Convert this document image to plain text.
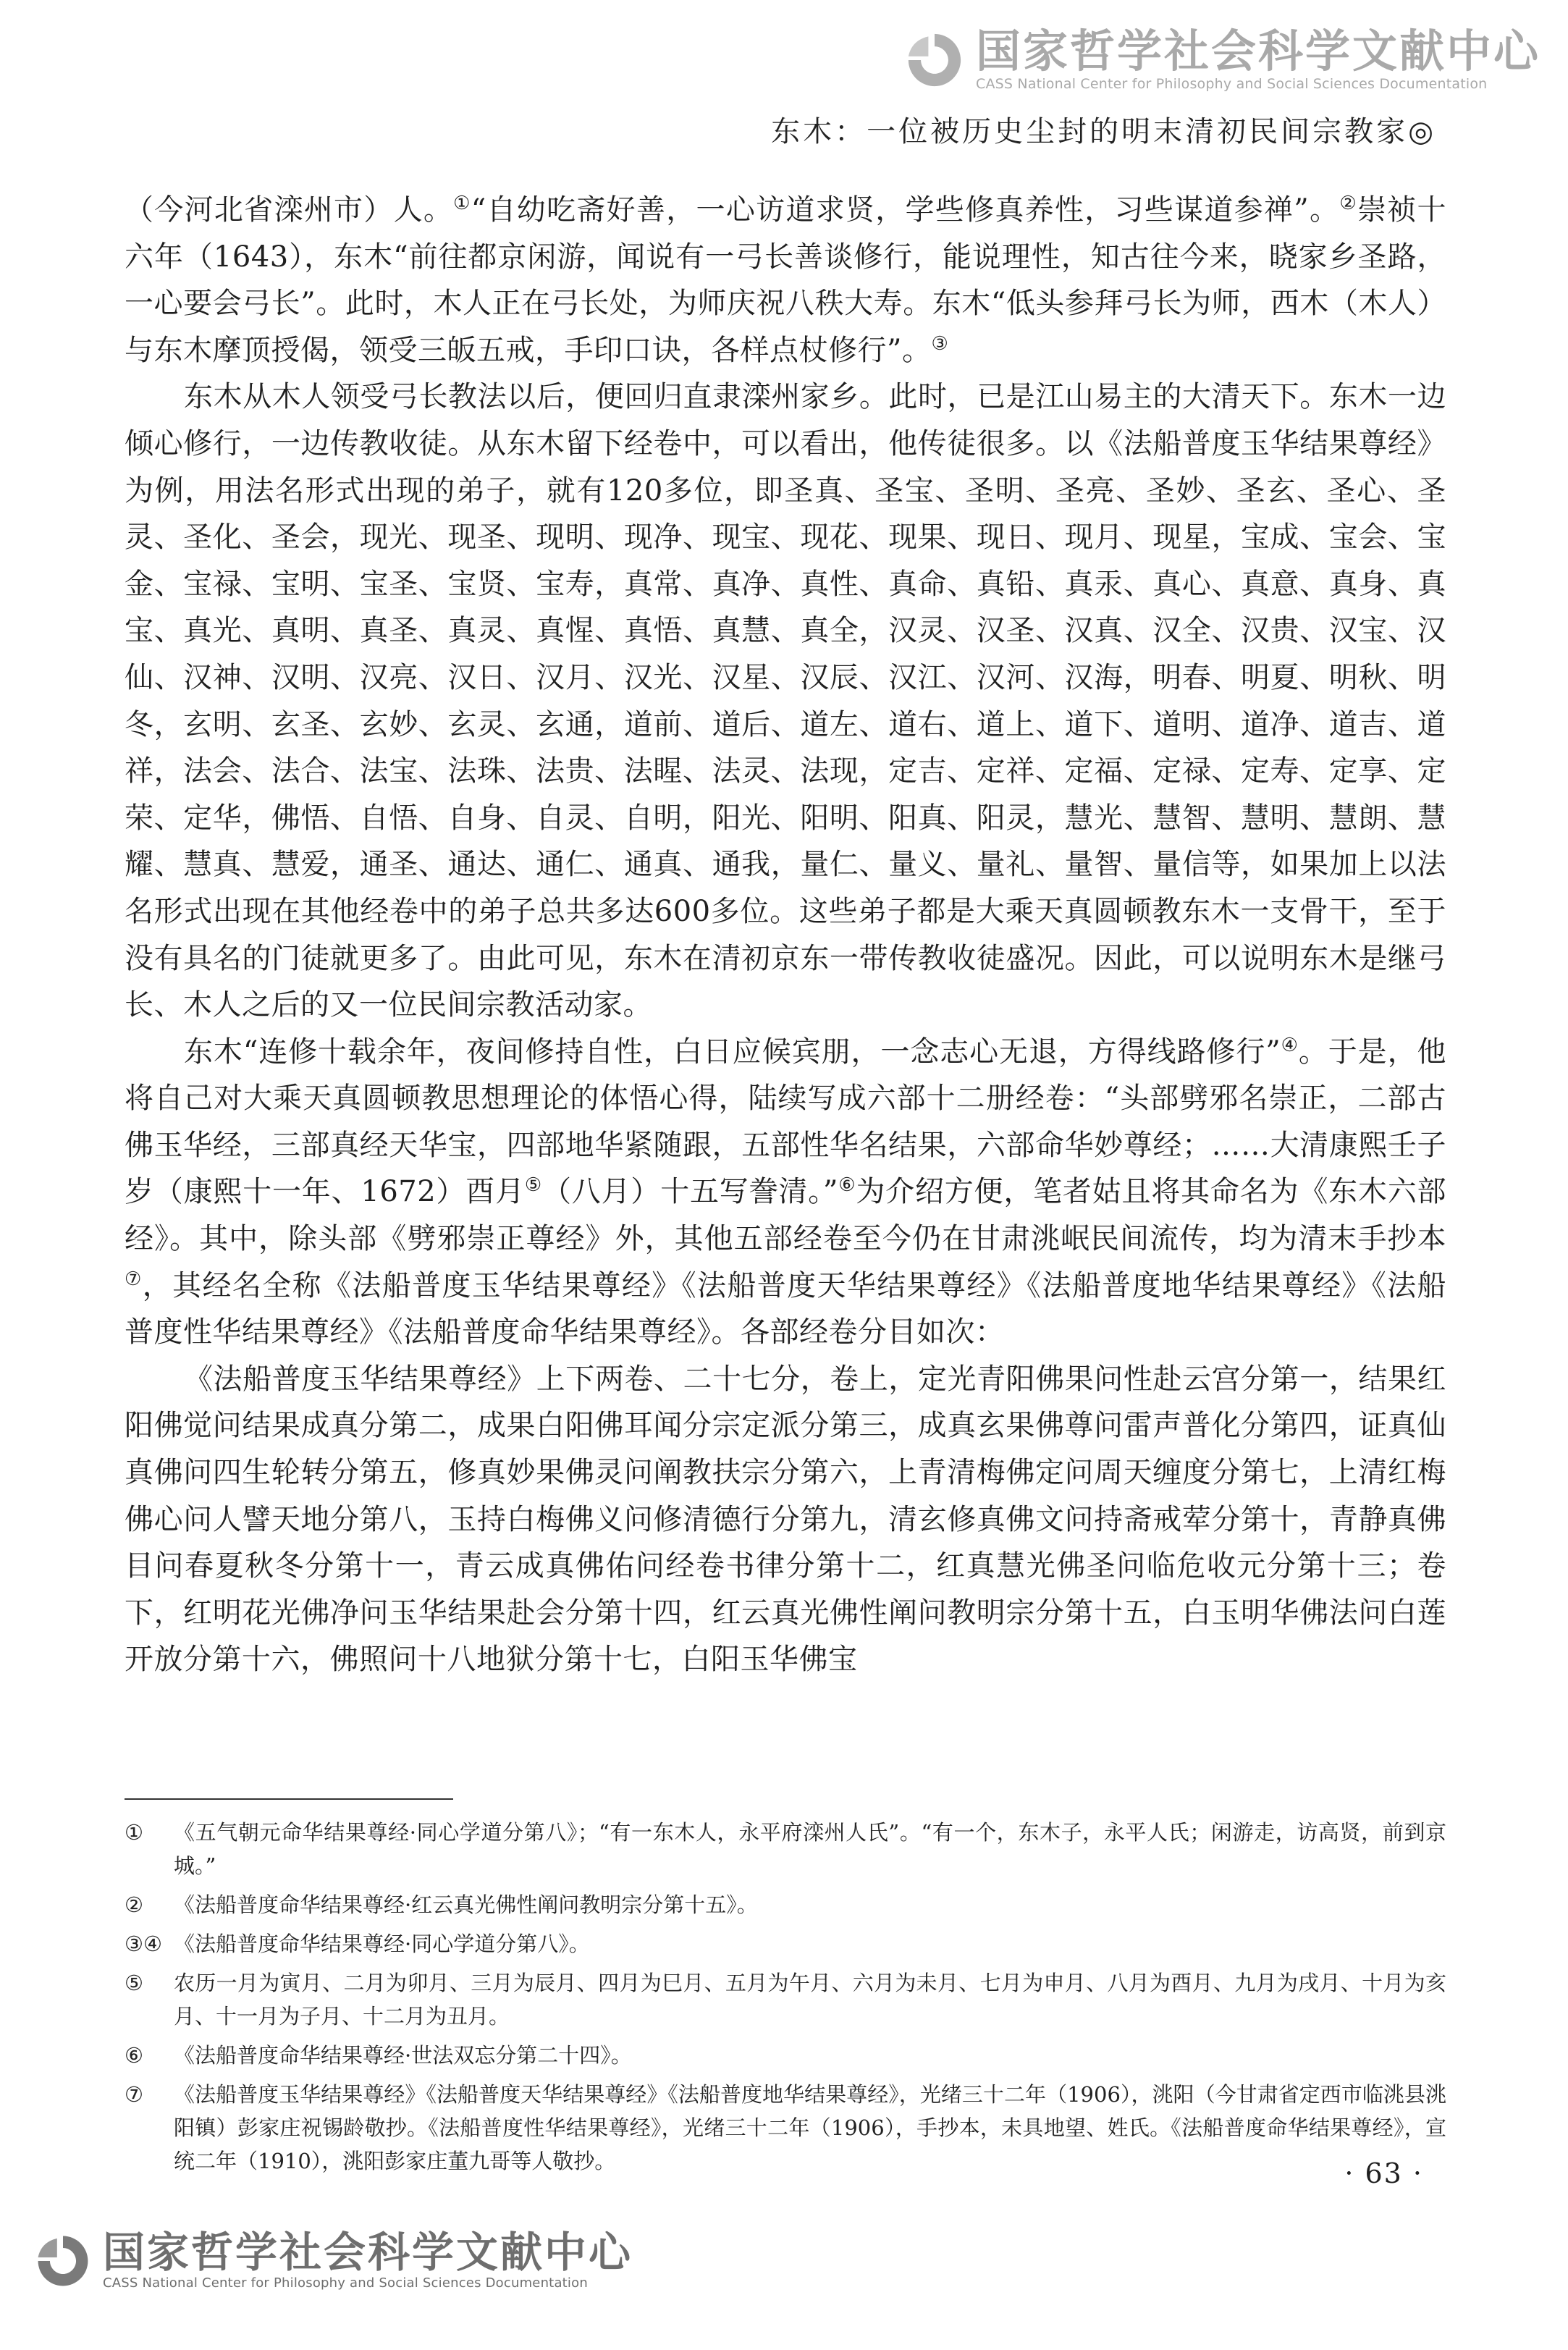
国家哲学社会科学文献中心
CASS National Center for Philosophy and Social Sciences Documentation
东木：一位被历史尘封的明末清初民间宗教家◎

（今河北省滦州市）人。①“自幼吃斋好善，一心访道求贤，学些修真养性，习些谋道参禅”。②崇祯十六年（1643），东木“前往都京闲游，闻说有一弓长善谈修行，能说理性，知古往今来，晓家乡圣路，一心要会弓长”。此时，木人正在弓长处，为师庆祝八秩大寿。东木“低头参拜弓长为师，西木（木人）与东木摩顶授偈，领受三皈五戒，手印口诀，各样点杖修行”。③

东木从木人领受弓长教法以后，便回归直隶滦州家乡。此时，已是江山易主的大清天下。东木一边倾心修行，一边传教收徒。从东木留下经卷中，可以看出，他传徒很多。以《法船普度玉华结果尊经》为例，用法名形式出现的弟子，就有120多位，即圣真、圣宝、圣明、圣亮、圣妙、圣玄、圣心、圣灵、圣化、圣会，现光、现圣、现明、现净、现宝、现花、现果、现日、现月、现星，宝成、宝会、宝金、宝禄、宝明、宝圣、宝贤、宝寿，真常、真净、真性、真命、真铅、真汞、真心、真意、真身、真宝、真光、真明、真圣、真灵、真惺、真悟、真慧、真全，汉灵、汉圣、汉真、汉全、汉贵、汉宝、汉仙、汉神、汉明、汉亮、汉日、汉月、汉光、汉星、汉辰、汉江、汉河、汉海，明春、明夏、明秋、明冬，玄明、玄圣、玄妙、玄灵、玄通，道前、道后、道左、道右、道上、道下、道明、道净、道吉、道祥，法会、法合、法宝、法珠、法贵、法睲、法灵、法现，定吉、定祥、定福、定禄、定寿、定享、定荣、定华，佛悟、自悟、自身、自灵、自明，阳光、阳明、阳真、阳灵，慧光、慧智、慧明、慧朗、慧耀、慧真、慧爱，通圣、通达、通仁、通真、通我，量仁、量义、量礼、量智、量信等，如果加上以法名形式出现在其他经卷中的弟子总共多达600多位。这些弟子都是大乘天真圆顿教东木一支骨干，至于没有具名的门徒就更多了。由此可见，东木在清初京东一带传教收徒盛况。因此，可以说明东木是继弓长、木人之后的又一位民间宗教活动家。

东木“连修十载余年，夜间修持自性，白日应候宾朋，一念志心无退，方得线路修行”④。于是，他将自己对大乘天真圆顿教思想理论的体悟心得，陆续写成六部十二册经卷：“头部劈邪名崇正，二部古佛玉华经，三部真经天华宝，四部地华紧随跟，五部性华名结果，六部命华妙尊经；……大清康熙壬子岁（康熙十一年、1672）酉月⑤（八月）十五写誊清。”⑥为介绍方便，笔者姑且将其命名为《东木六部经》。其中，除头部《劈邪崇正尊经》外，其他五部经卷至今仍在甘肃洮岷民间流传，均为清末手抄本⑦，其经名全称《法船普度玉华结果尊经》《法船普度天华结果尊经》《法船普度地华结果尊经》《法船普度性华结果尊经》《法船普度命华结果尊经》。各部经卷分目如次：

《法船普度玉华结果尊经》上下两卷、二十七分，卷上，定光青阳佛果问性赴云宫分第一，结果红阳佛觉问结果成真分第二，成果白阳佛耳闻分宗定派分第三，成真玄果佛尊问雷声普化分第四，证真仙真佛问四生轮转分第五，修真妙果佛灵问阐教扶宗分第六，上青清梅佛定问周天缠度分第七，上清红梅佛心问人譬天地分第八，玉持白梅佛义问修清德行分第九，清玄修真佛文问持斋戒荤分第十，青静真佛目问春夏秋冬分第十一，青云成真佛佑问经卷书律分第十二，红真慧光佛圣问临危收元分第十三；卷下，红明花光佛净问玉华结果赴会分第十四，红云真光佛性阐问教明宗分第十五，白玉明华佛法问白莲开放分第十六，佛照问十八地狱分第十七，白阳玉华佛宝

①	《五气朝元命华结果尊经·同心学道分第八》；“有一东木人，永平府滦州人氏”。“有一个，东木子，永平人氏；闲游走，访高贤，前到京城。”
②	《法船普度命华结果尊经·红云真光佛性阐问教明宗分第十五》。
③④ 《法船普度命华结果尊经·同心学道分第八》。
⑤	农历一月为寅月、二月为卯月、三月为辰月、四月为巳月、五月为午月、六月为未月、七月为申月、八月为酉月、九月为戌月、十月为亥月、十一月为子月、十二月为丑月。
⑥	《法船普度命华结果尊经·世法双忘分第二十四》。
⑦	《法船普度玉华结果尊经》《法船普度天华结果尊经》《法船普度地华结果尊经》，光绪三十二年（1906），洮阳（今甘肃省定西市临洮县洮阳镇）彭家庄祝锡龄敬抄。《法船普度性华结果尊经》，光绪三十二年（1906），手抄本，未具地望、姓氏。《法船普度命华结果尊经》，宣统二年（1910），洮阳彭家庄董九哥等人敬抄。	· 63 ·
国家哲学社会科学文献中心
CASS National Center for Philosophy and Social Sciences Documentation
